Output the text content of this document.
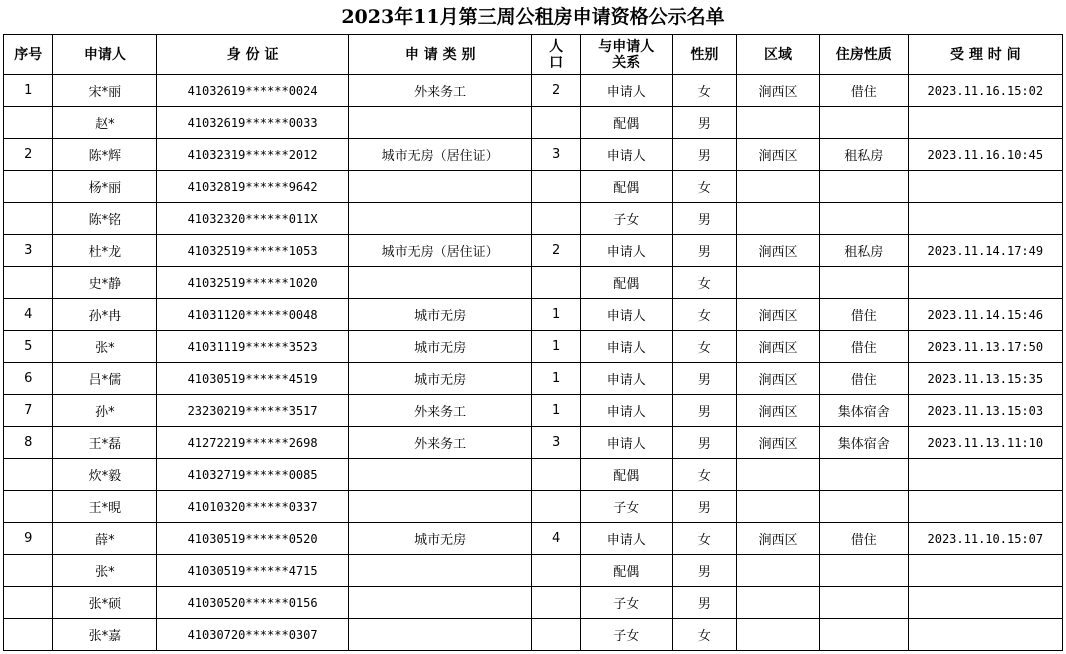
2023年11月第三周公租房申请资格公示名单
序号	申请人	身 份 证	申 请 类 别	人口	与申请人关系	性别	区域	住房性质	受 理 时 间
1	宋*丽	41032619******0024	外来务工	2	申请人	女	涧西区	借住	2023.11.16.15:02
	赵*	41032619******0033			配偶	男			
2	陈*辉	41032319******2012	城市无房（居住证）	3	申请人	男	涧西区	租私房	2023.11.16.10:45
	杨*丽	41032819******9642			配偶	女			
	陈*铭	41032320******011X			子女	男			
3	杜*龙	41032519******1053	城市无房（居住证）	2	申请人	男	涧西区	租私房	2023.11.14.17:49
	史*静	41032519******1020			配偶	女			
4	孙*冉	41031120******0048	城市无房	1	申请人	女	涧西区	借住	2023.11.14.15:46
5	张*	41031119******3523	城市无房	1	申请人	女	涧西区	借住	2023.11.13.17:50
6	吕*儒	41030519******4519	城市无房	1	申请人	男	涧西区	借住	2023.11.13.15:35
7	孙*	23230219******3517	外来务工	1	申请人	男	涧西区	集体宿舍	2023.11.13.15:03
8	王*磊	41272219******2698	外来务工	3	申请人	男	涧西区	集体宿舍	2023.11.13.11:10
	炊*毅	41032719******0085			配偶	女			
	王*晛	41010320******0337			子女	男			
9	薛*	41030519******0520	城市无房	4	申请人	女	涧西区	借住	2023.11.10.15:07
	张*	41030519******4715			配偶	男			
	张*硕	41030520******0156			子女	男			
	张*嘉	41030720******0307			子女	女			
